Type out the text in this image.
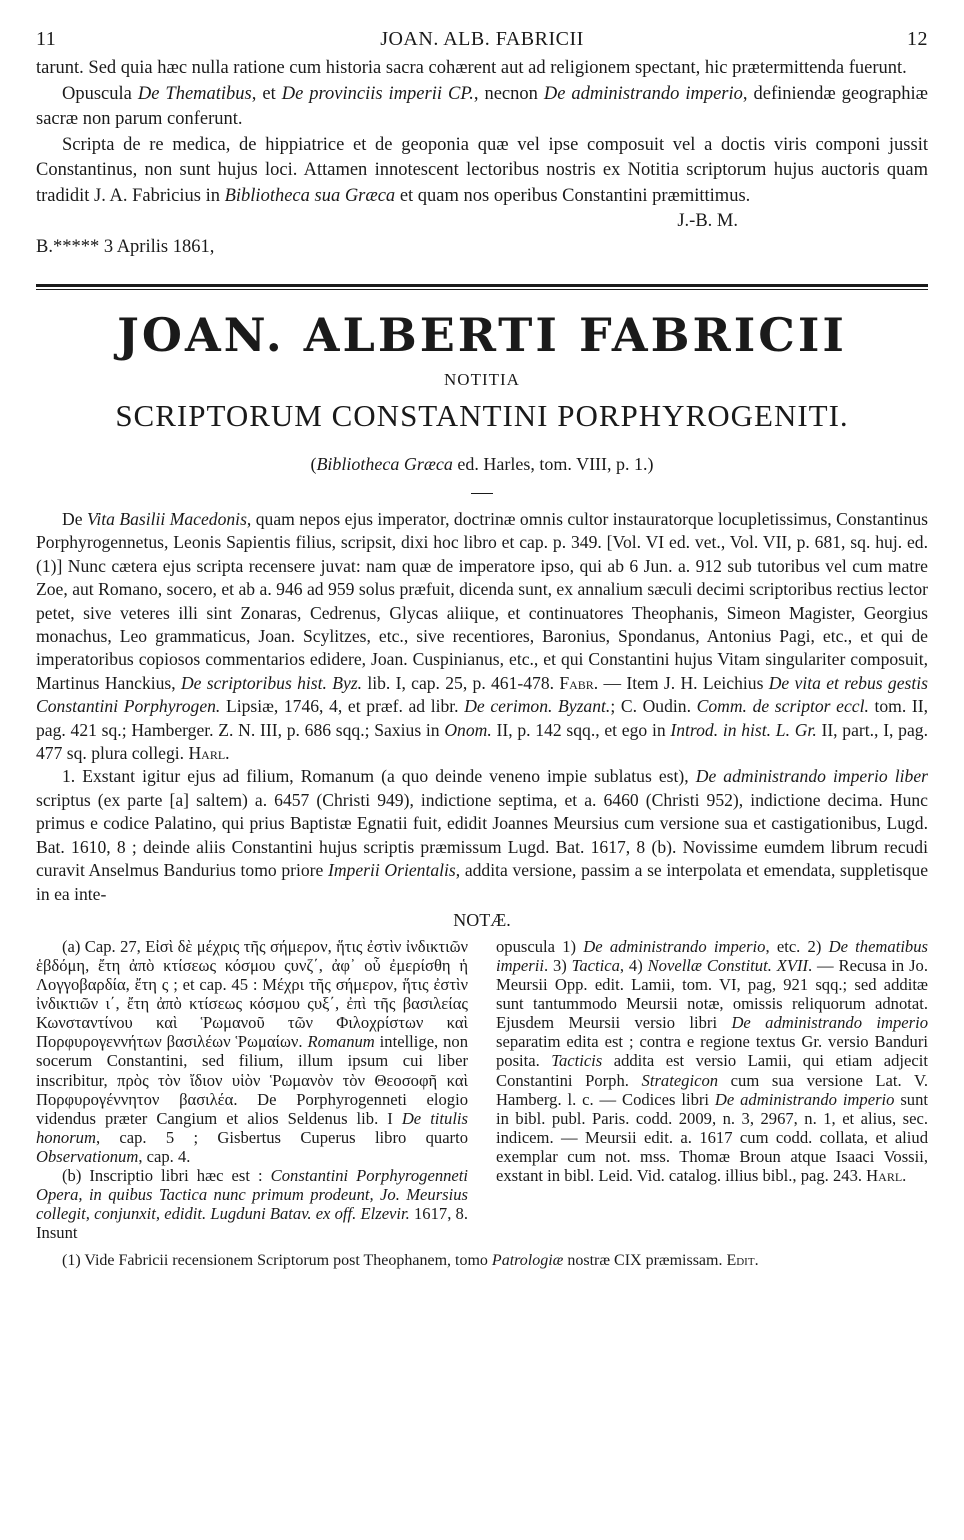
11	JOAN. ALB. FABRICII	12

tarunt. Sed quia hæc nulla ratione cum historia sacra cohærent aut ad religionem spectant, hic prætermittenda fuerunt.

Opuscula De Thematibus, et De provinciis imperii CP., necnon De administrando imperio, definiendæ geographiæ sacræ non parum conferunt.

Scripta de re medica, de hippiatrice et de geoponia quæ vel ipse composuit vel a doctis viris componi jussit Constantinus, non sunt hujus loci. Attamen innotescent lectoribus nostris ex Notitia scriptorum hujus auctoris quam tradidit J. A. Fabricius in Bibliotheca sua Græca et quam nos operibus Constantini præmittimus.

J.-B. M.

B.***** 3 Aprilis 1861,

JOAN. ALBERTI FABRICII
NOTITIA
SCRIPTORUM CONSTANTINI PORPHYROGENITI.
(Bibliotheca Græca ed. Harles, tom. VIII, p. 1.)

De Vita Basilii Macedonis, quam nepos ejus imperator, doctrinæ omnis cultor instauratorque locupletissimus, Constantinus Porphyrogennetus, Leonis Sapientis filius, scripsit, dixi hoc libro et cap. p. 349. [Vol. VI ed. vet., Vol. VII, p. 681, sq. huj. ed. (1)] Nunc cætera ejus scripta recensere juvat: nam quæ de imperatore ipso, qui ab 6 Jun. a. 912 sub tutoribus vel cum matre Zoe, aut Romano, socero, et ab a. 946 ad 959 solus præfuit, dicenda sunt, ex annalium sæculi decimi scriptoribus rectius lector petet, sive veteres illi sint Zonaras, Cedrenus, Glycas aliique, et continuatores Theophanis, Simeon Magister, Georgius monachus, Leo grammaticus, Joan. Scylitzes, etc., sive recentiores, Baronius, Spondanus, Antonius Pagi, etc., et qui de imperatoribus copiosos commentarios edidere, Joan. Cuspinianus, etc., et qui Constantini hujus Vitam singulariter composuit, Martinus Hanckius, De scriptoribus hist. Byz. lib. I, cap. 25, p. 461-478. Fabr. — Item J. H. Leichius De vita et rebus gestis Constantini Porphyrogen. Lipsiæ, 1746, 4, et præf. ad libr. De cerimon. Byzant.; C. Oudin. Comm. de scriptor eccl. tom. II, pag. 421 sq.; Hamberger. Z. N. III, p. 686 sqq.; Saxius in Onom. II, p. 142 sqq., et ego in Introd. in hist. L. Gr. II, part., I, pag. 477 sq. plura collegi. Harl.

1. Exstant igitur ejus ad filium, Romanum (a quo deinde veneno impie sublatus est), De administrando imperio liber scriptus (ex parte [a] saltem) a. 6457 (Christi 949), indictione septima, et a. 6460 (Christi 952), indictione decima. Hunc primus e codice Palatino, qui prius Baptistæ Egnatii fuit, edidit Joannes Meursius cum versione sua et castigationibus, Lugd. Bat. 1610, 8 ; deinde aliis Constantini hujus scriptis præmissum Lugd. Bat. 1617, 8 (b). Novissime eumdem librum recudi curavit Anselmus Bandurius tomo priore Imperii Orientalis, addita versione, passim a se interpolata et emendata, suppletisque in ea inte-

NOTÆ.

(a) Cap. 27, Εἰσὶ δὲ μέχρις τῆς σήμερον, ἥτις ἐστὶν ἰνδικτιῶν ἑβδόμη, ἔτη ἀπὸ κτίσεως κόσμου ςυνζ΄, ἀφ᾽ οὗ ἐμερίσθη ἡ Λογγοβαρδία, ἔτη ς ; et cap. 45 : Μέχρι τῆς σήμερον, ἥτις ἐστὶν ἰνδικτιῶν ι΄, ἔτη ἀπὸ κτίσεως κόσμου ςυξ΄, ἐπὶ τῆς βασιλείας Κωνσταντίνου καὶ Ῥωμανοῦ τῶν Φιλοχρίστων καὶ Πορφυρογεννήτων βασιλέων Ῥωμαίων. Romanum intellige, non socerum Constantini, sed filium, illum ipsum cui liber inscribitur, πρὸς τὸν ἴδιον υἱὸν Ῥωμανὸν τὸν Θεοσοφῆ καὶ Πορφυρογέννητον βασιλέα. De Porphyrogenneti elogio videndus præter Cangium et alios Seldenus lib. I De titulis honorum, cap. 5 ; Gisbertus Cuperus libro quarto Observationum, cap. 4.

(b) Inscriptio libri hæc est : Constantini Porphyrogenneti Opera, in quibus Tactica nunc primum prodeunt, Jo. Meursius collegit, conjunxit, edidit. Lugduni Batav. ex off. Elzevir. 1617, 8. Insunt

opuscula 1) De administrando imperio, etc. 2) De thematibus imperii. 3) Tactica, 4) Novellæ Constitut. XVII. — Recusa in Jo. Meursii Opp. edit. Lamii, tom. VI, pag, 921 sqq.; sed additæ sunt tantummodo Meursii notæ, omissis reliquorum adnotat. Ejusdem Meursii versio libri De administrando imperio separatim edita est ; contra e regione textus Gr. versio Banduri posita. Tacticis addita est versio Lamii, qui etiam adjecit Constantini Porph. Strategicon cum sua versione Lat. V. Hamberg. l. c. — Codices libri De administrando imperio sunt in bibl. publ. Paris. codd. 2009, n. 3, 2967, n. 1, et alius, sec. indicem. — Meursii edit. a. 1617 cum codd. collata, et aliud exemplar cum not. mss. Thomæ Broun atque Isaaci Vossii, exstant in bibl. Leid. Vid. catalog. illius bibl., pag. 243. Harl.

(1) Vide Fabricii recensionem Scriptorum post Theophanem, tomo Patrologiæ nostræ CIX præmissam. Edit.
